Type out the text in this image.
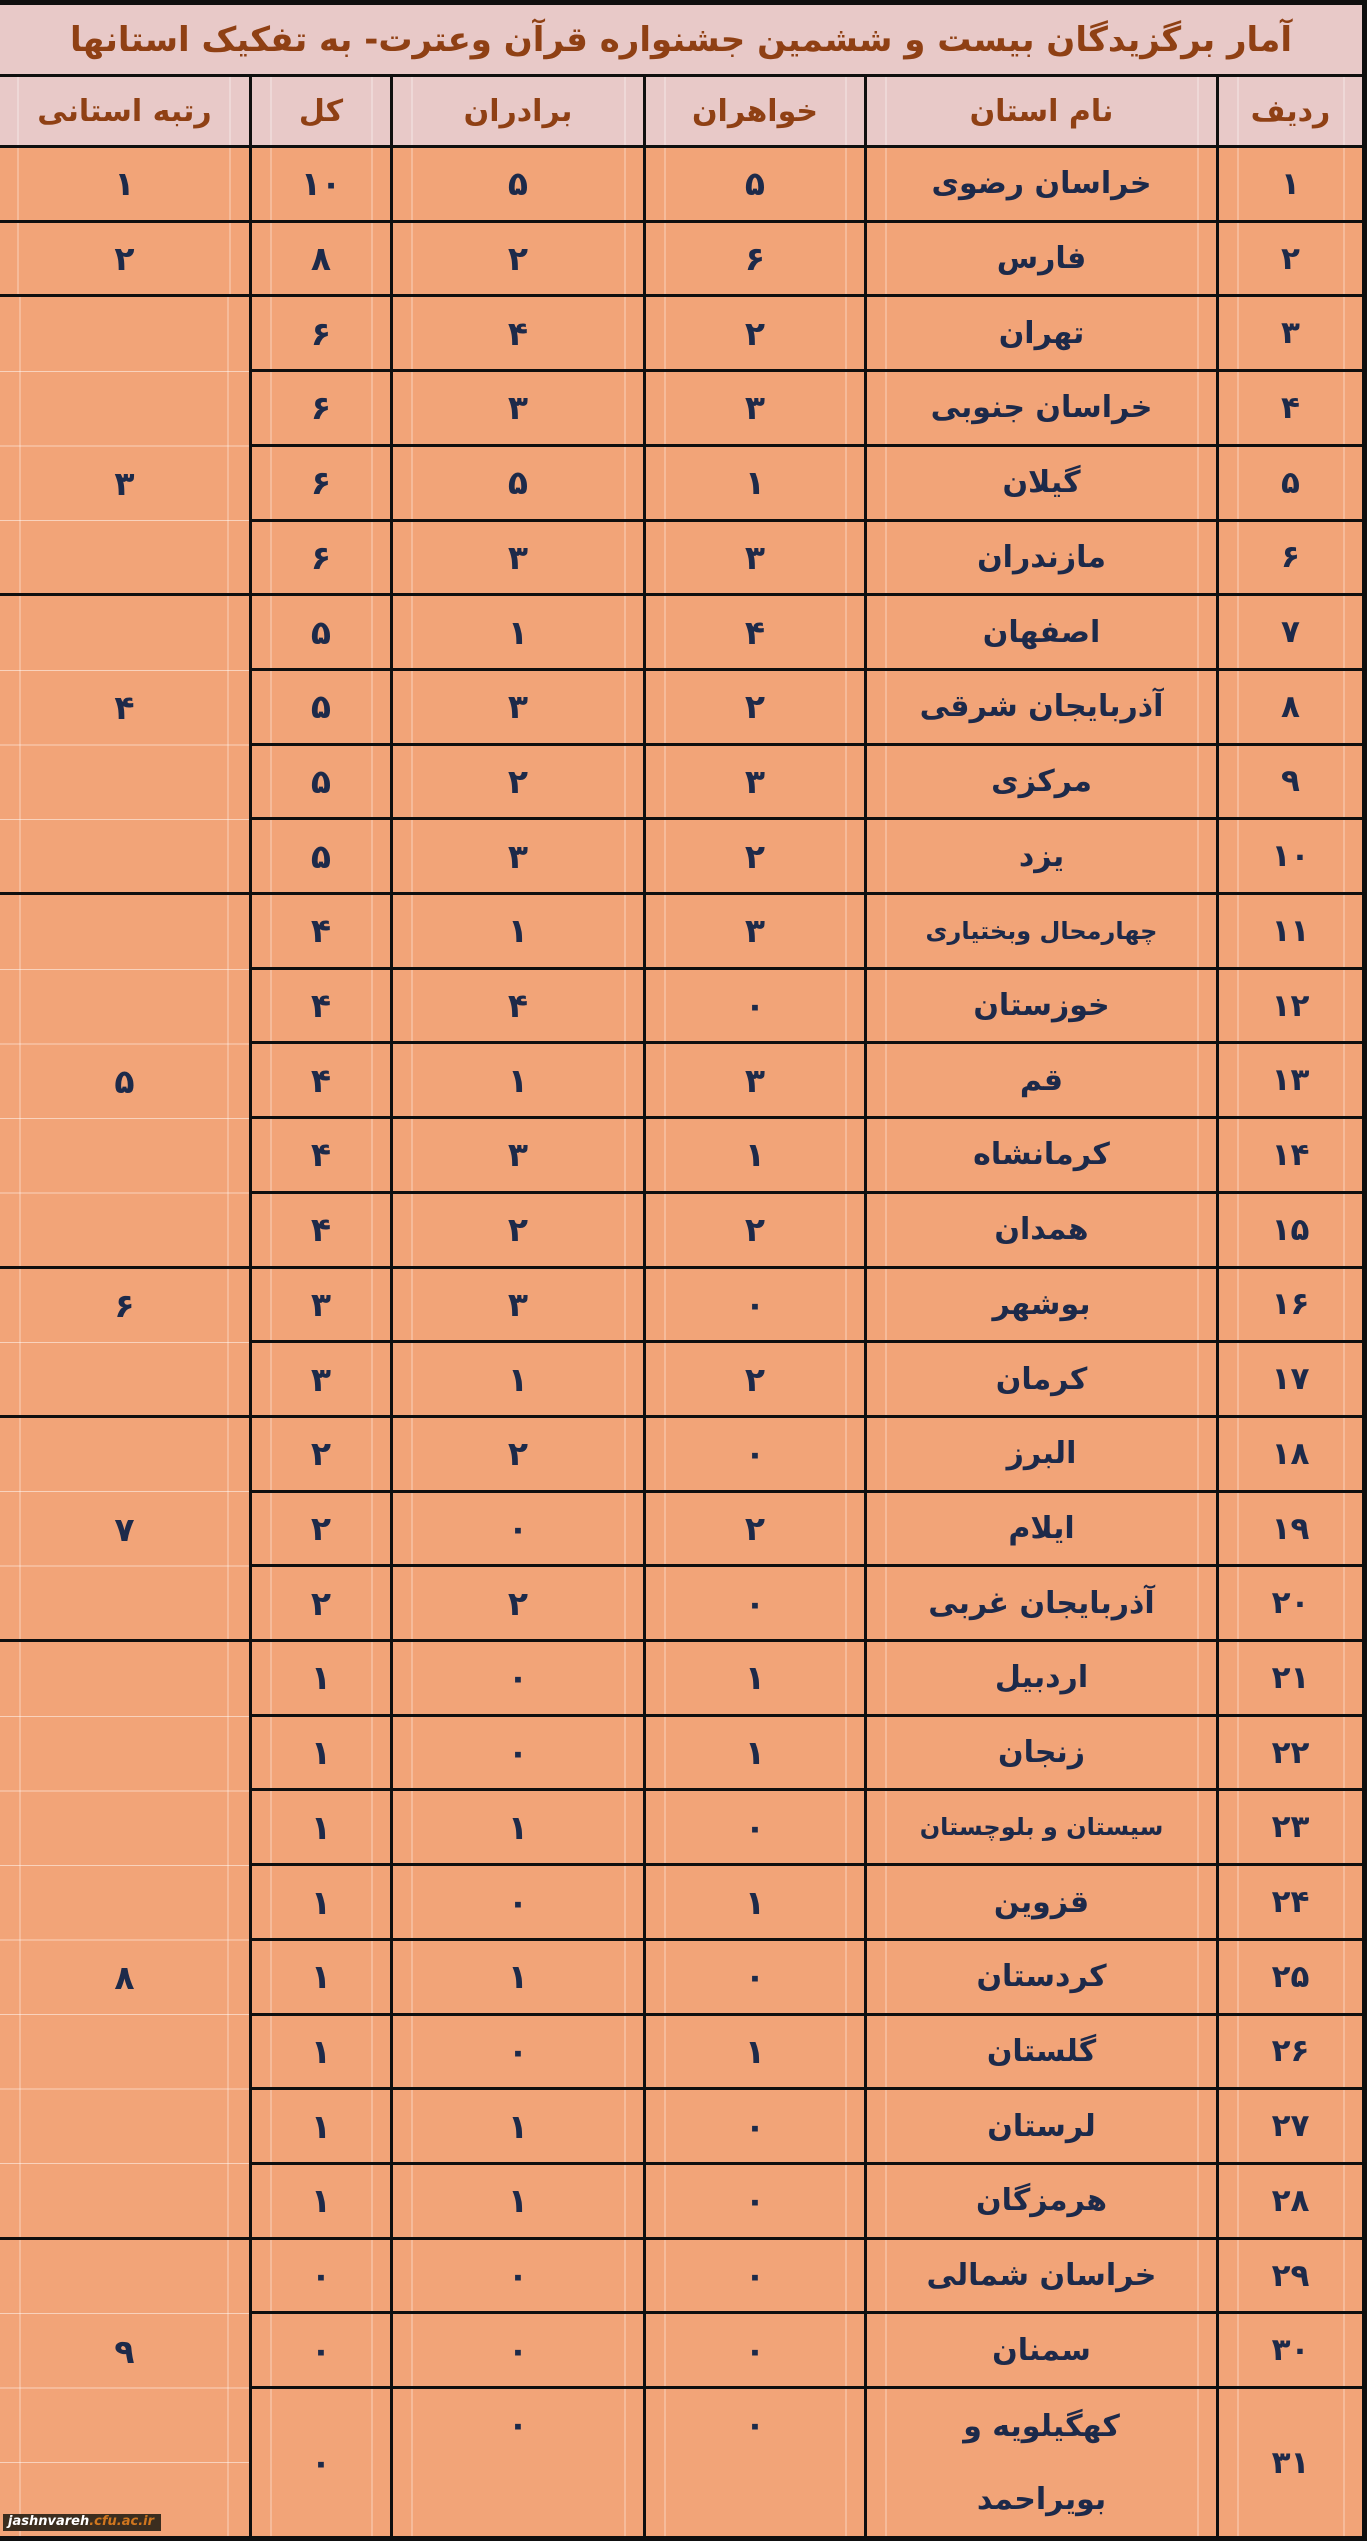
آمار برگزیدگان بیست و ششمین جشنواره قرآن وعترت- به تفکیک استانها					
ردیف	نام استان	خواهران	برادران	کل	رتبه استانی
۱	خراسان رضوی	۵	۵	۱۰	۱

۲	فارس	۶	۲	۸	۲

۳	تهران	۲	۴	۶	۳

۴	خراسان جنوبی	۳	۳	۶	
۵	گیلان	۱	۵	۶	
۶	مازندران	۳	۳	۶	
۷	اصفهان	۴	۱	۵	۴

۸	آذربایجان شرقی	۲	۳	۵	
۹	مرکزی	۳	۲	۵	
۱۰	یزد	۲	۳	۵	
۱۱	چهارمحال وبختیاری	۳	۱	۴	۵

۱۲	خوزستان	۰	۴	۴	
۱۳	قم	۳	۱	۴	
۱۴	کرمانشاه	۱	۳	۴	
۱۵	همدان	۲	۲	۴	
۱۶	بوشهر	۰	۳	۳	۶

۱۷	کرمان	۲	۱	۳	
۱۸	البرز	۰	۲	۲	۷

۱۹	ایلام	۲	۰	۲	
۲۰	آذربایجان غربی	۰	۲	۲	
۲۱	اردبیل	۱	۰	۱	۸

۲۲	زنجان	۱	۰	۱	
۲۳	سیستان و بلوچستان	۰	۱	۱	
۲۴	قزوین	۱	۰	۱	
۲۵	کردستان	۰	۱	۱	
۲۶	گلستان	۱	۰	۱	
۲۷	لرستان	۰	۱	۱	
۲۸	هرمزگان	۰	۱	۱	
۲۹	خراسان شمالی	۰	۰	۰	۹

۳۰	سمنان	۰	۰	۰	
۳۱	کهگیلویه و بویراحمد	۰	۰	۰	
jashnvareh.cfu.ac.ir
